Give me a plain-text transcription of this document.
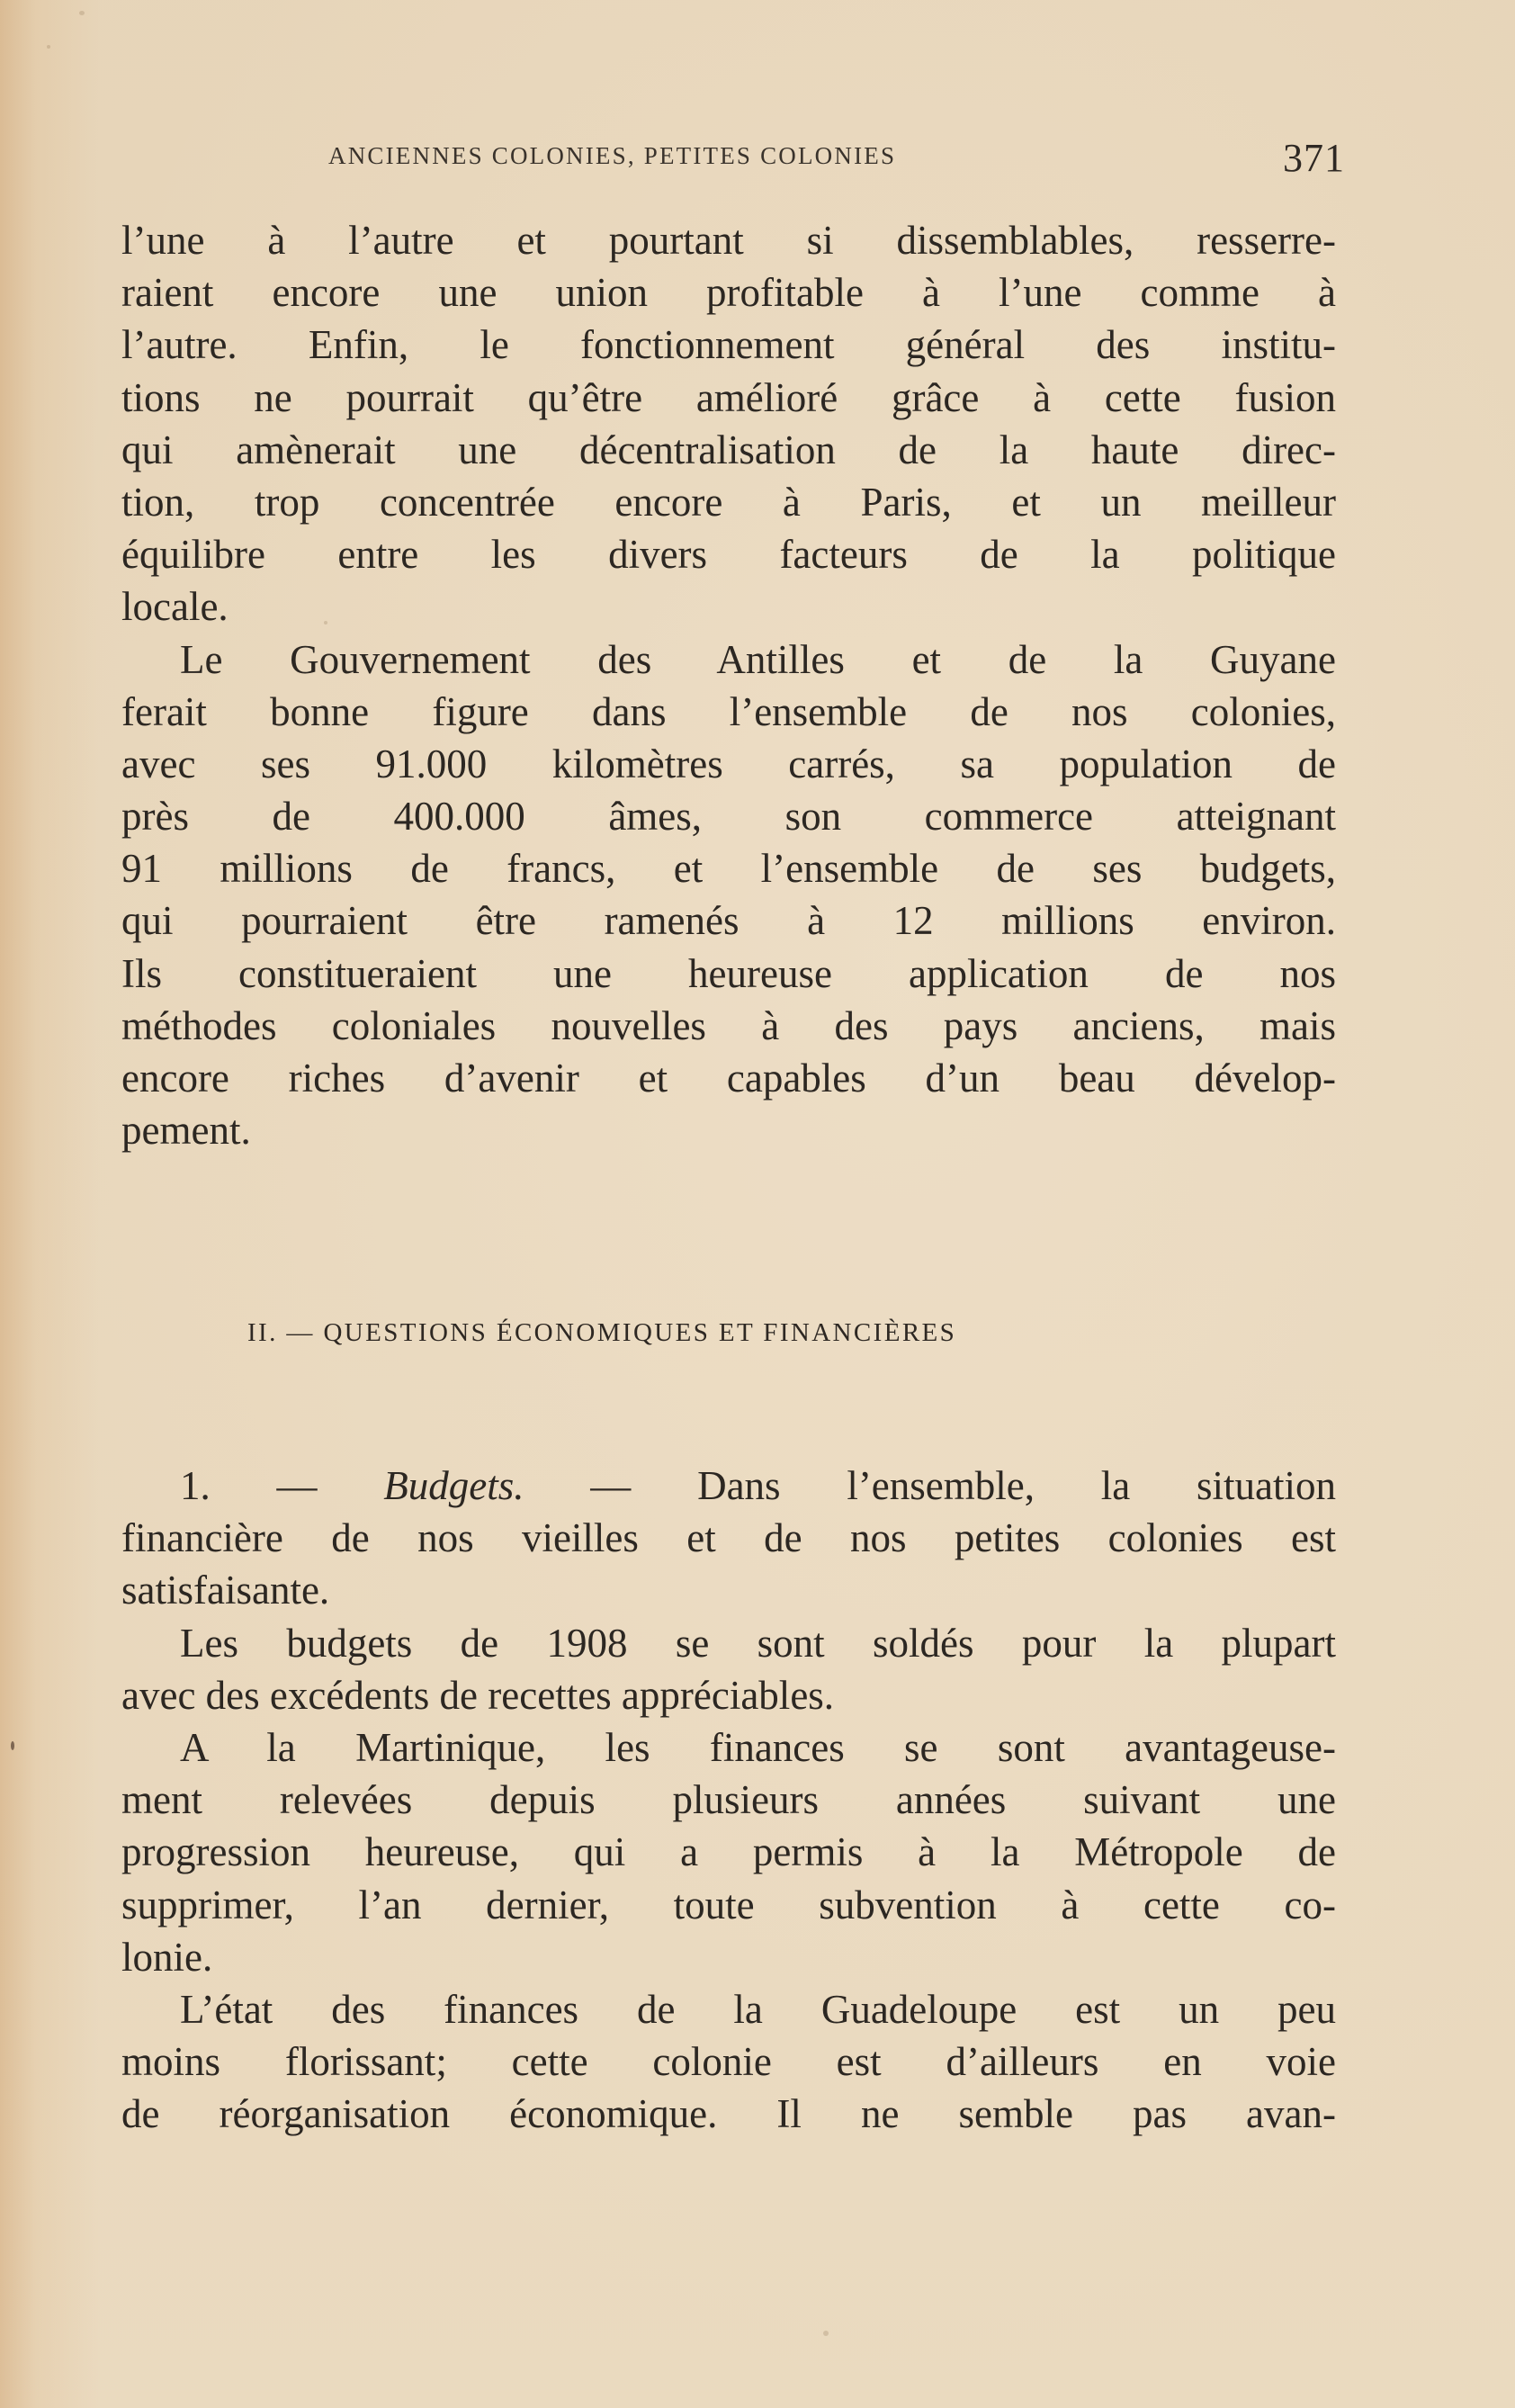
ANCIENNES COLONIES, PETITES COLONIES	371
l’une à l’autre et pourtant si dissemblables, resserre-
raient encore une union profitable à l’une comme à
l’autre. Enfin, le fonctionnement général des institu-
tions ne pourrait qu’être amélioré grâce à cette fusion
qui amènerait une décentralisation de la haute direc-
tion, trop concentrée encore à Paris, et un meilleur
équilibre entre les divers facteurs de la politique
locale.
Le Gouvernement des Antilles et de la Guyane
ferait bonne figure dans l’ensemble de nos colonies,
avec ses 91.000 kilomètres carrés, sa population de
près de 400.000 âmes, son commerce atteignant
91 millions de francs, et l’ensemble de ses budgets,
qui pourraient être ramenés à 12 millions environ.
Ils constitueraient une heureuse application de nos
méthodes coloniales nouvelles à des pays anciens, mais
encore riches d’avenir et capables d’un beau dévelop-
pement.
II. — QUESTIONS ÉCONOMIQUES ET FINANCIÈRES
1. — Budgets. — Dans l’ensemble, la situation
financière de nos vieilles et de nos petites colonies est
satisfaisante.
Les budgets de 1908 se sont soldés pour la plupart
avec des excédents de recettes appréciables.
A la Martinique, les finances se sont avantageuse-
ment relevées depuis plusieurs années suivant une
progression heureuse, qui a permis à la Métropole de
supprimer, l’an dernier, toute subvention à cette co-
lonie.
L’état des finances de la Guadeloupe est un peu
moins florissant; cette colonie est d’ailleurs en voie
de réorganisation économique. Il ne semble pas avan-
